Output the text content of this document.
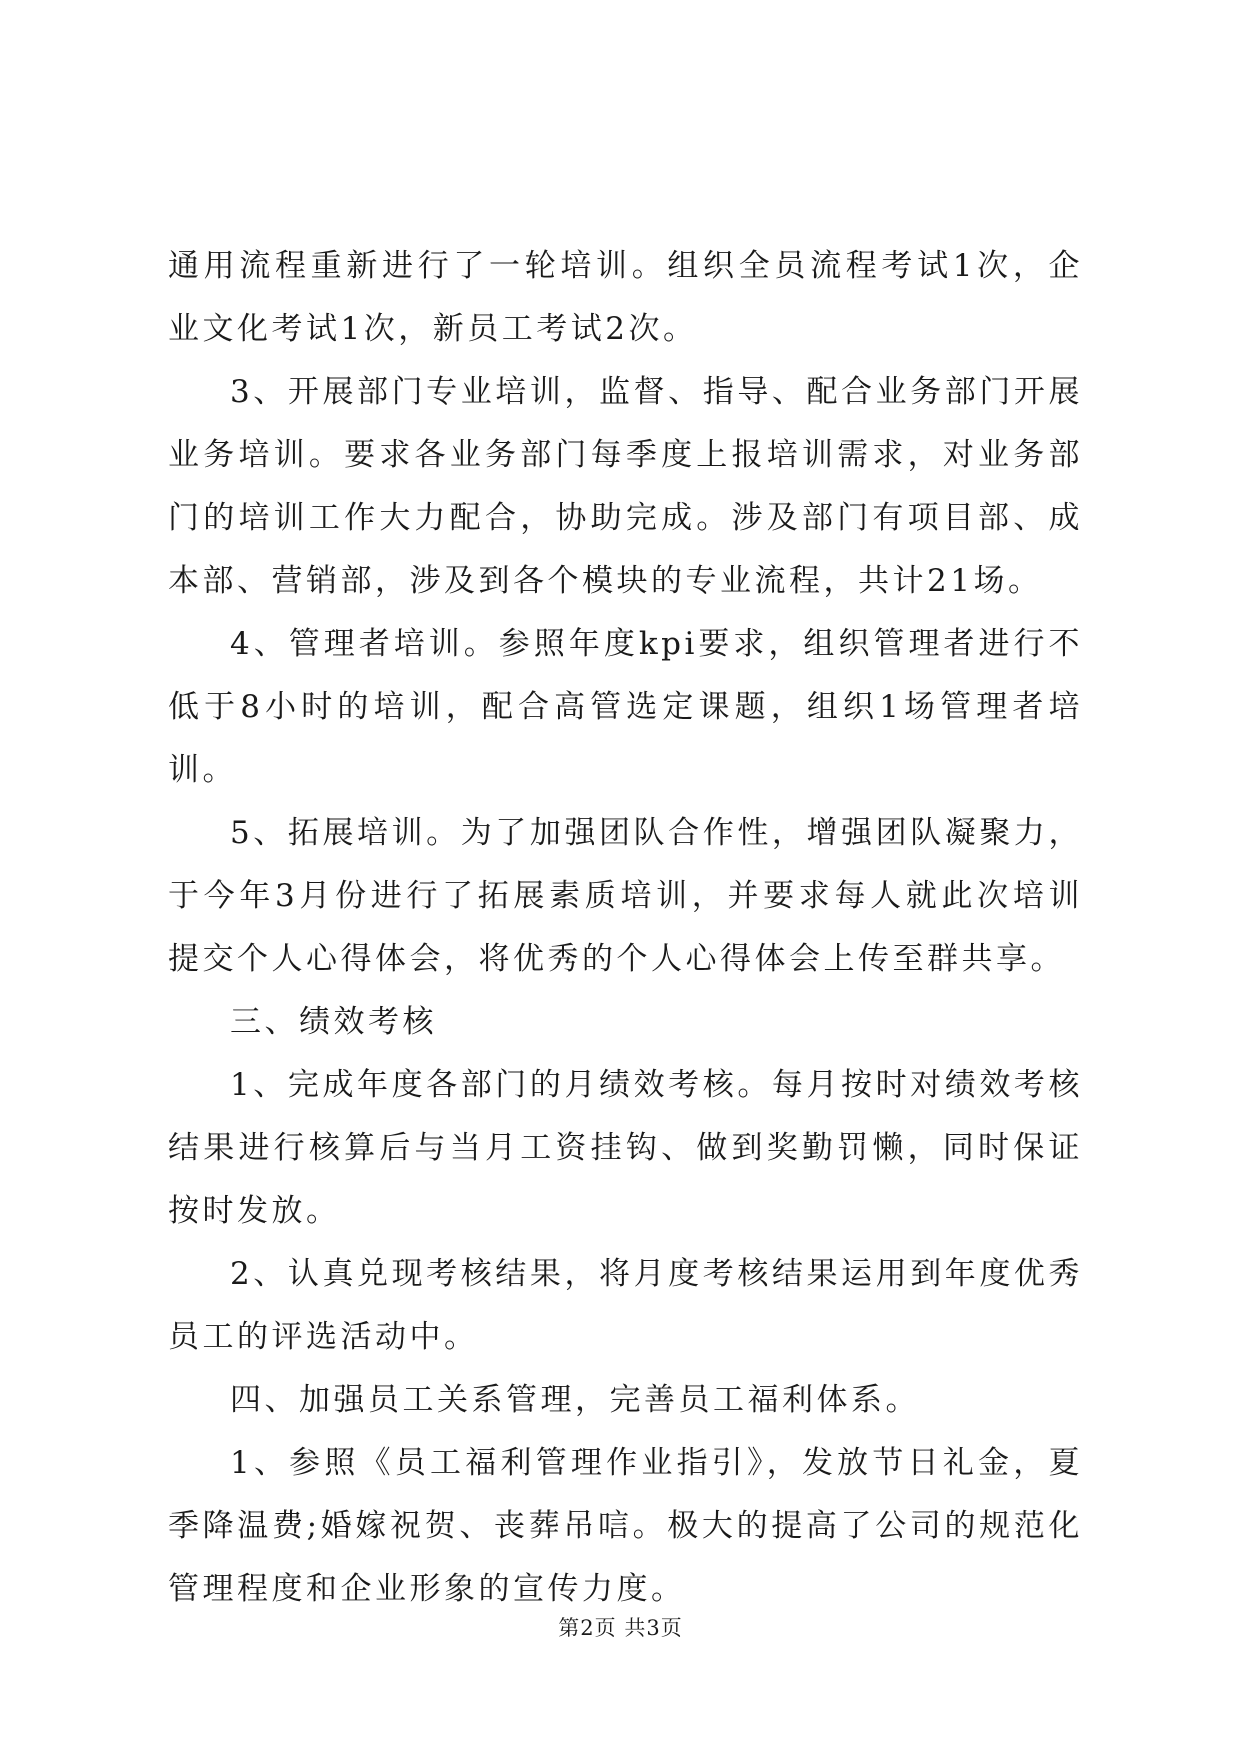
通用流程重新进行了一轮培训。组织全员流程考试1次，企业文化考试1次，新员工考试2次。

3、开展部门专业培训，监督、指导、配合业务部门开展业务培训。要求各业务部门每季度上报培训需求，对业务部门的培训工作大力配合，协助完成。涉及部门有项目部、成本部、营销部，涉及到各个模块的专业流程，共计21场。

4、管理者培训。参照年度kpi要求，组织管理者进行不低于8小时的培训，配合高管选定课题，组织1场管理者培训。

5、拓展培训。为了加强团队合作性，增强团队凝聚力，于今年3月份进行了拓展素质培训，并要求每人就此次培训提交个人心得体会，将优秀的个人心得体会上传至群共享。

三、绩效考核

1、完成年度各部门的月绩效考核。每月按时对绩效考核结果进行核算后与当月工资挂钩、做到奖勤罚懒，同时保证按时发放。

2、认真兑现考核结果，将月度考核结果运用到年度优秀员工的评选活动中。

四、加强员工关系管理，完善员工福利体系。

1、参照《员工福利管理作业指引》，发放节日礼金，夏季降温费;婚嫁祝贺、丧葬吊唁。极大的提高了公司的规范化管理程度和企业形象的宣传力度。

第2页 共3页
